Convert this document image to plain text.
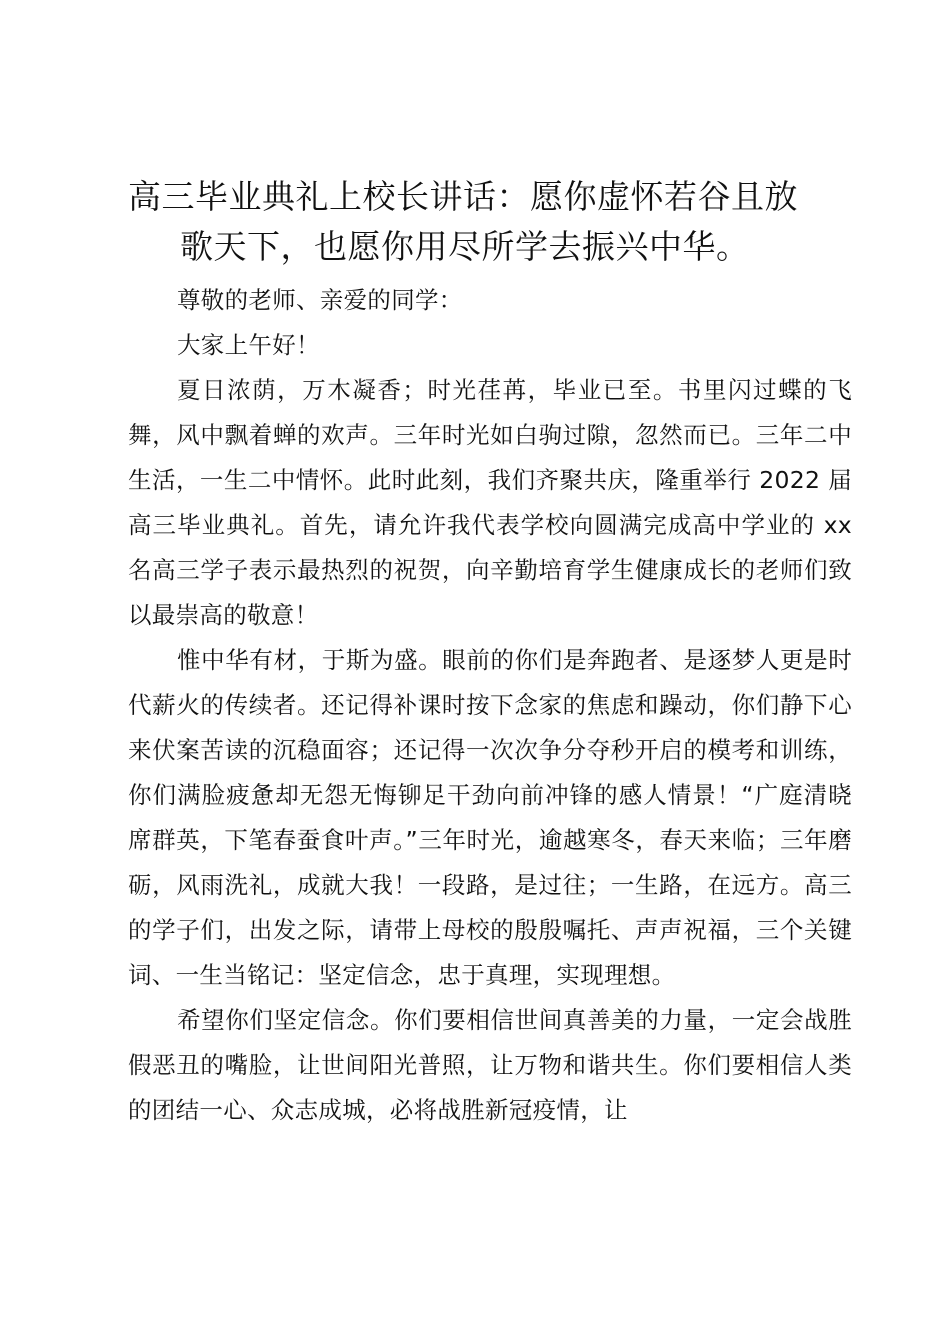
高三毕业典礼上校长讲话：愿你虚怀若谷且放
歌天下，也愿你用尽所学去振兴中华。

尊敬的老师、亲爱的同学：

大家上午好！

夏日浓荫，万木凝香；时光荏苒，毕业已至。书里闪过蝶的飞舞，风中飘着蝉的欢声。三年时光如白驹过隙，忽然而已。三年二中生活，一生二中情怀。此时此刻，我们齐聚共庆，隆重举行 2022 届高三毕业典礼。首先，请允许我代表学校向圆满完成高中学业的 xx 名高三学子表示最热烈的祝贺，向辛勤培育学生健康成长的老师们致以最崇高的敬意！

惟中华有材，于斯为盛。眼前的你们是奔跑者、是逐梦人更是时代薪火的传续者。还记得补课时按下念家的焦虑和躁动，你们静下心来伏案苦读的沉稳面容；还记得一次次争分夺秒开启的模考和训练，你们满脸疲惫却无怨无悔铆足干劲向前冲锋的感人情景！“广庭清晓席群英，下笔春蚕食叶声。”三年时光，逾越寒冬，春天来临；三年磨砺，风雨洗礼，成就大我！一段路，是过往；一生路，在远方。高三的学子们，出发之际，请带上母校的殷殷嘱托、声声祝福，三个关键词、一生当铭记：坚定信念，忠于真理，实现理想。

希望你们坚定信念。你们要相信世间真善美的力量，一定会战胜假恶丑的嘴脸，让世间阳光普照，让万物和谐共生。你们要相信人类的团结一心、众志成城，必将战胜新冠疫情，让
